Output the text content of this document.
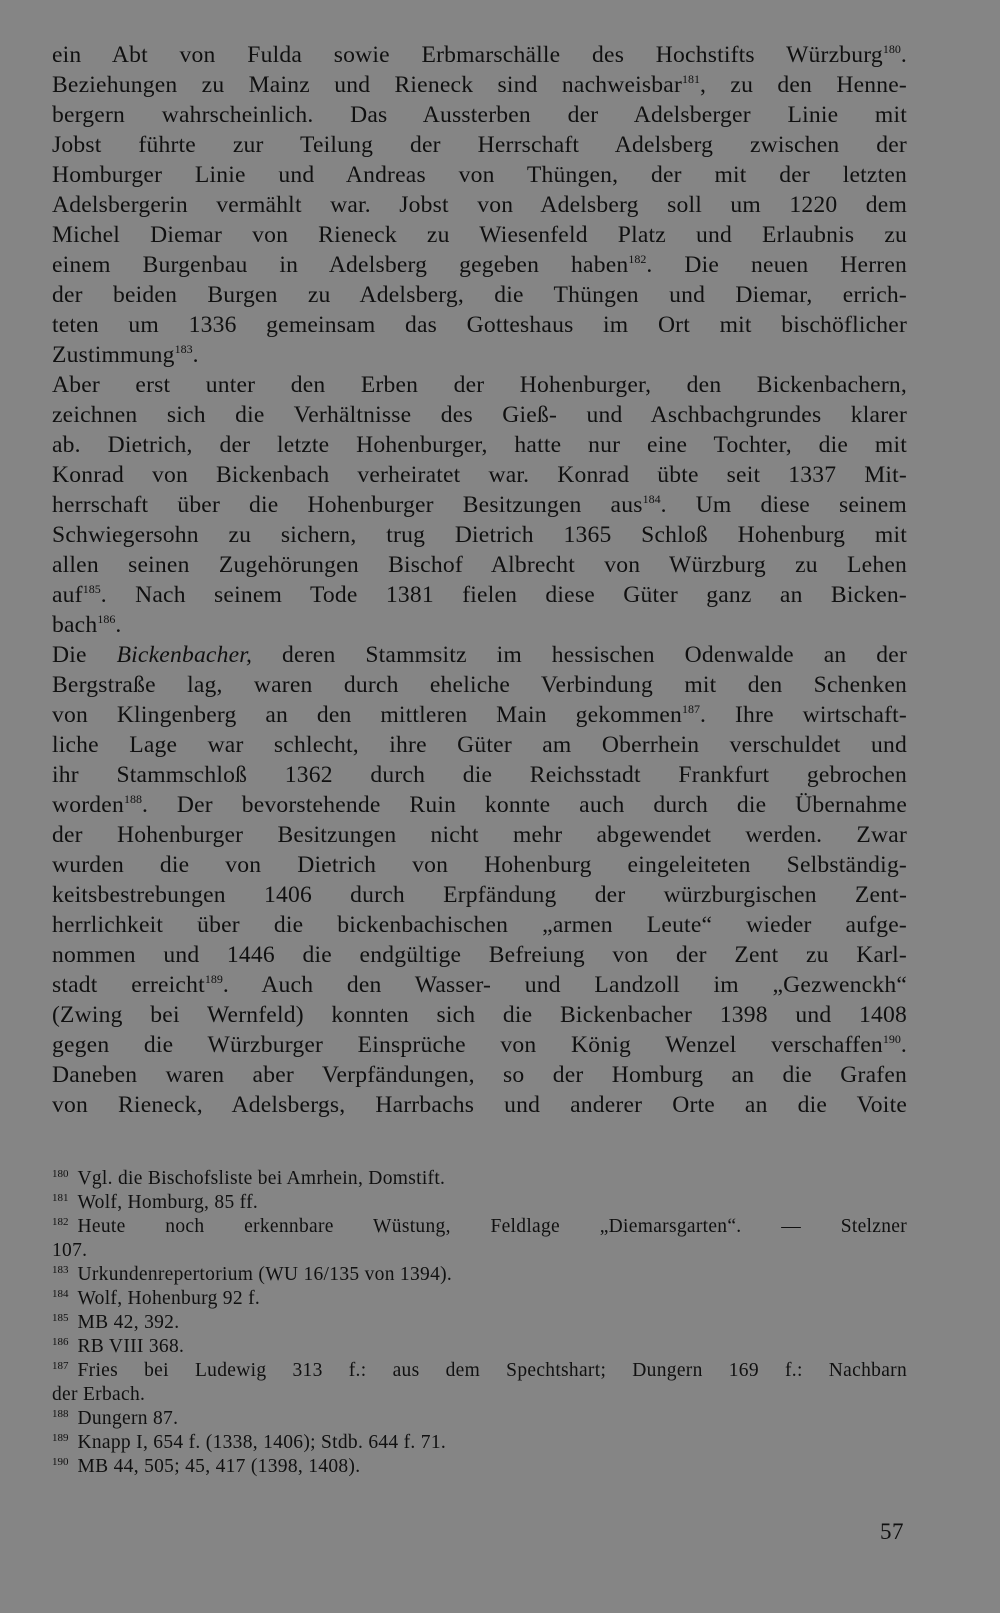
ein Abt von Fulda sowie Erbmarschälle des Hochstifts Würzburg$^{180}$.
Beziehungen zu Mainz und Rieneck sind nachweisbar$^{181}$, zu den Henne-
bergern wahrscheinlich. Das Aussterben der Adelsberger Linie mit
Jobst führte zur Teilung der Herrschaft Adelsberg zwischen der
Homburger Linie und Andreas von Thüngen, der mit der letzten
Adelsbergerin vermählt war. Jobst von Adelsberg soll um 1220 dem
Michel Diemar von Rieneck zu Wiesenfeld Platz und Erlaubnis zu
einem Burgenbau in Adelsberg gegeben haben$^{182}$. Die neuen Herren
der beiden Burgen zu Adelsberg, die Thüngen und Diemar, errich-
teten um 1336 gemeinsam das Gotteshaus im Ort mit bischöflicher
Zustimmung$^{183}$.

Aber erst unter den Erben der Hohenburger, den Bickenbachern,
zeichnen sich die Verhältnisse des Gieß- und Aschbachgrundes klarer
ab. Dietrich, der letzte Hohenburger, hatte nur eine Tochter, die mit
Konrad von Bickenbach verheiratet war. Konrad übte seit 1337 Mit-
herrschaft über die Hohenburger Besitzungen aus$^{184}$. Um diese seinem
Schwiegersohn zu sichern, trug Dietrich 1365 Schloß Hohenburg mit
allen seinen Zugehörungen Bischof Albrecht von Würzburg zu Lehen
auf$^{185}$. Nach seinem Tode 1381 fielen diese Güter ganz an Bicken-
bach$^{186}$.

Die Bickenbacher, deren Stammsitz im hessischen Odenwalde an der
Bergstraße lag, waren durch eheliche Verbindung mit den Schenken
von Klingenberg an den mittleren Main gekommen$^{187}$. Ihre wirtschaft-
liche Lage war schlecht, ihre Güter am Oberrhein verschuldet und
ihr Stammschloß 1362 durch die Reichsstadt Frankfurt gebrochen
worden$^{188}$. Der bevorstehende Ruin konnte auch durch die Übernahme
der Hohenburger Besitzungen nicht mehr abgewendet werden. Zwar
wurden die von Dietrich von Hohenburg eingeleiteten Selbständig-
keitsbestrebungen 1406 durch Erpfändung der würzburgischen Zent-
herrlichkeit über die bickenbachischen „armen Leute“ wieder aufge-
nommen und 1446 die endgültige Befreiung von der Zent zu Karl-
stadt erreicht$^{189}$. Auch den Wasser- und Landzoll im „Gezwenckh“
(Zwing bei Wernfeld) konnten sich die Bickenbacher 1398 und 1408
gegen die Würzburger Einsprüche von König Wenzel verschaffen$^{190}$.
Daneben waren aber Verpfändungen, so der Homburg an die Grafen
von Rieneck, Adelsbergs, Harrbachs und anderer Orte an die Voite

$^{180}$ Vgl. die Bischofsliste bei Amrhein, Domstift.
$^{181}$ Wolf, Homburg, 85 ff.
$^{182}$ Heute noch erkennbare Wüstung, Feldlage „Diemarsgarten“. — Stelzner
107.
$^{183}$ Urkundenrepertorium (WU 16/135 von 1394).
$^{184}$ Wolf, Hohenburg 92 f.
$^{185}$ MB 42, 392.
$^{186}$ RB VIII 368.
$^{187}$ Fries bei Ludewig 313 f.: aus dem Spechtshart; Dungern 169 f.: Nachbarn
der Erbach.
$^{188}$ Dungern 87.
$^{189}$ Knapp I, 654 f. (1338, 1406); Stdb. 644 f. 71.
$^{190}$ MB 44, 505; 45, 417 (1398, 1408).
57
